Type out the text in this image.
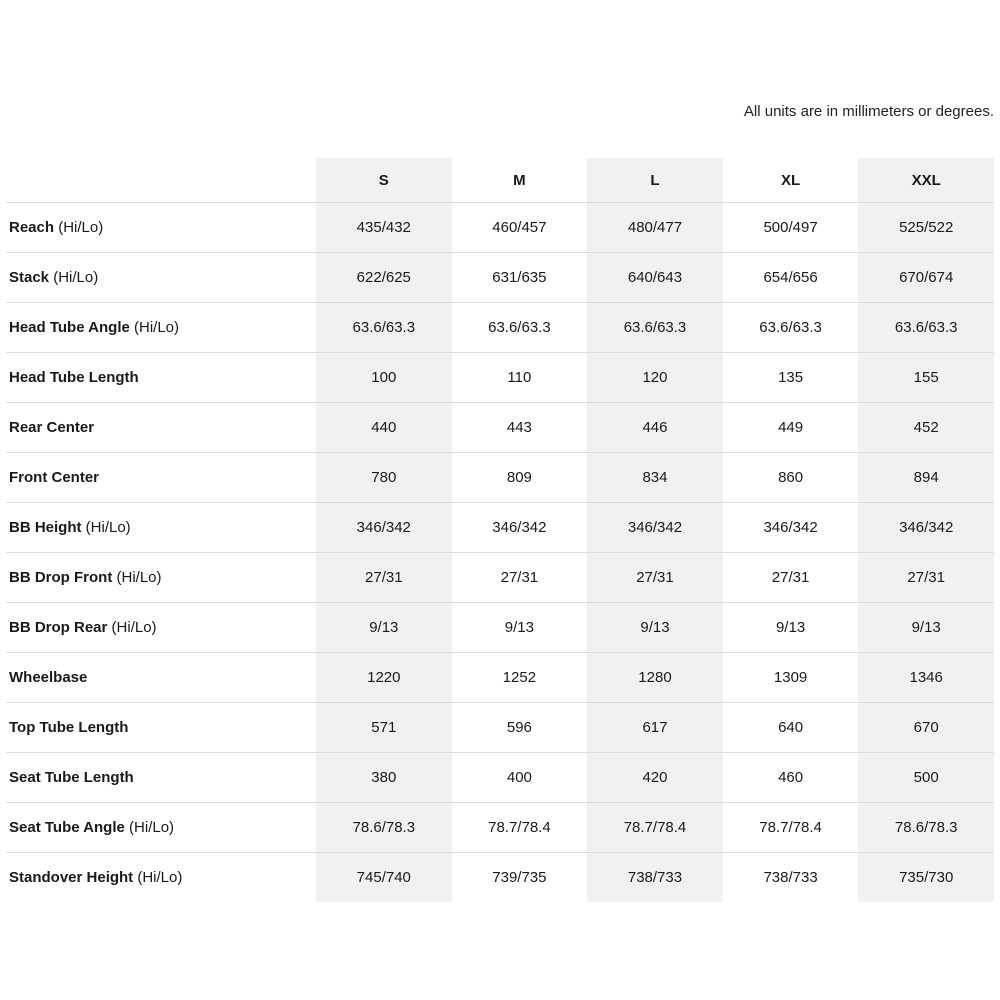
All units are in millimeters or degrees.
	S	M	L	XL	XXL
Reach (Hi/Lo)	435/432	460/457	480/477	500/497	525/522
Stack (Hi/Lo)	622/625	631/635	640/643	654/656	670/674
Head Tube Angle (Hi/Lo)	63.6/63.3	63.6/63.3	63.6/63.3	63.6/63.3	63.6/63.3
Head Tube Length	100	110	120	135	155
Rear Center	440	443	446	449	452
Front Center	780	809	834	860	894
BB Height (Hi/Lo)	346/342	346/342	346/342	346/342	346/342
BB Drop Front (Hi/Lo)	27/31	27/31	27/31	27/31	27/31
BB Drop Rear (Hi/Lo)	9/13	9/13	9/13	9/13	9/13
Wheelbase	1220	1252	1280	1309	1346
Top Tube Length	571	596	617	640	670
Seat Tube Length	380	400	420	460	500
Seat Tube Angle (Hi/Lo)	78.6/78.3	78.7/78.4	78.7/78.4	78.7/78.4	78.6/78.3
Standover Height (Hi/Lo)	745/740	739/735	738/733	738/733	735/730
